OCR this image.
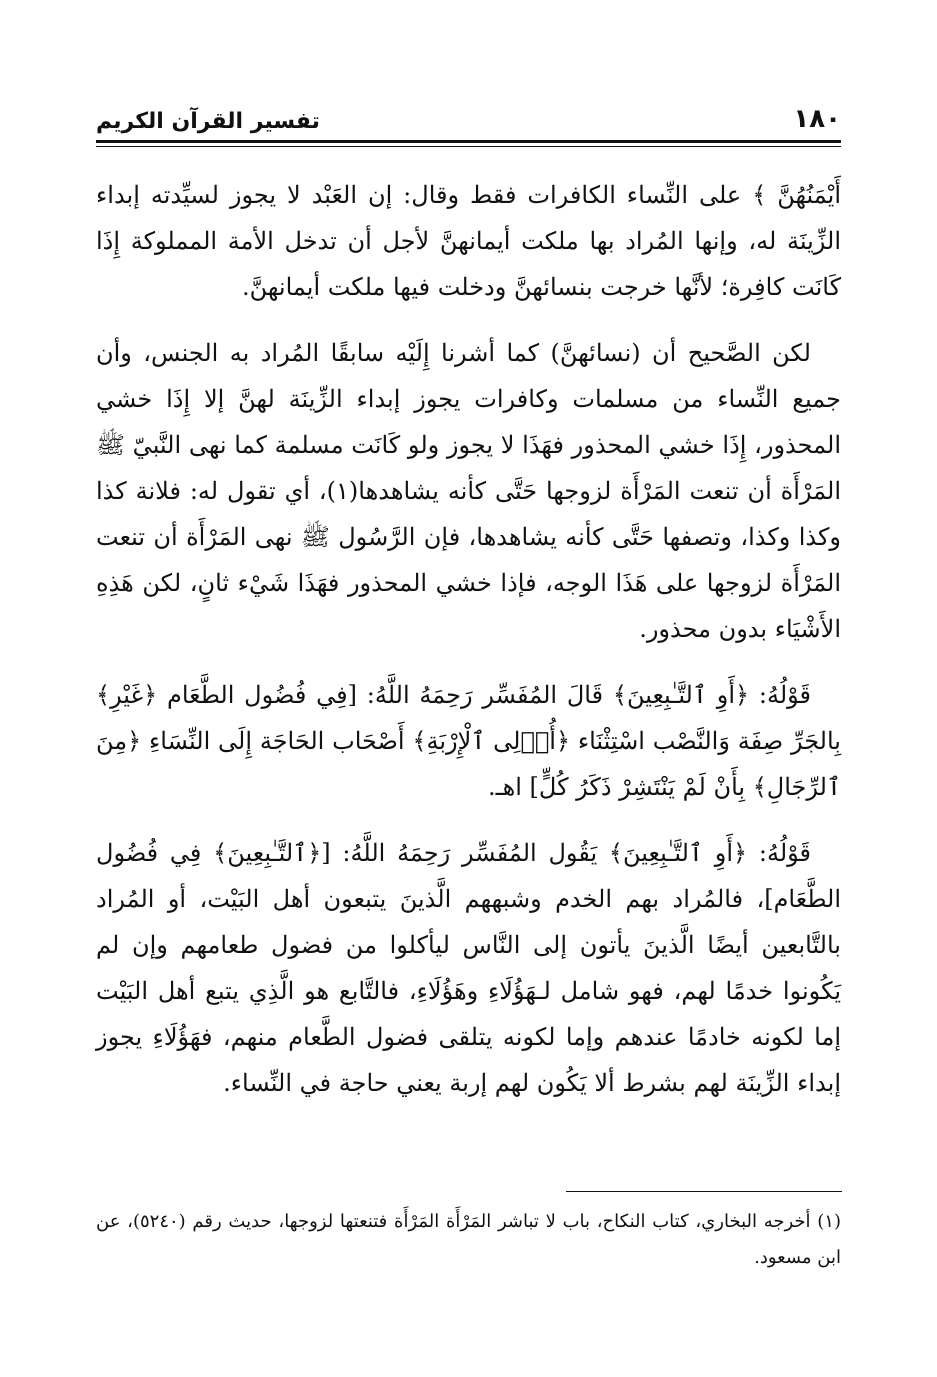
١٨٠
تفسير القرآن الكريم

أَيْمَنُهُنَّ ﴾ على النِّساء الكافرات فقط وقال: إن العَبْد لا يجوز لسيِّدته إبداء الزِّينَة له، وإنها المُراد بها ملكت أيمانهنَّ لأجل أن تدخل الأمة المملوكة إِذَا كَانَت كافِرة؛ لأنَّها خرجت بنسائهنَّ ودخلت فيها ملكت أيمانهنَّ.

لكن الصَّحيح أن (نسائهنَّ) كما أشرنا إِلَيْه سابقًا المُراد به الجنس، وأن جميع النِّساء من مسلمات وكافرات يجوز إبداء الزِّينَة لهنَّ إلا إِذَا خشي المحذور، إِذَا خشي المحذور فهَذَا لا يجوز ولو كَانَت مسلمة كما نهى النَّبيّ ﷺ المَرْأَة أن تنعت المَرْأَة لزوجها حَتَّى كأنه يشاهدها(١)، أي تقول له: فلانة كذا وكذا وكذا، وتصفها حَتَّى كأنه يشاهدها، فإن الرَّسُول ﷺ نهى المَرْأَة أن تنعت المَرْأَة لزوجها على هَذَا الوجه، فإذا خشي المحذور فهَذَا شَيْء ثانٍ، لكن هَذِهِ الأَشْيَاء بدون محذور.

قَوْلُهُ: ﴿أَوِ ٱلتَّـٰبِعِينَ﴾ قَالَ المُفَسِّر رَحِمَهُ اللَّهُ: [فِي فُضُول الطَّعَام ﴿غَيْرِ﴾ بِالجَرِّ صِفَة وَالنَّصْب اسْتِثْنَاء ﴿أُو۟لِى ٱلْإِرْبَةِ﴾ أَصْحَاب الحَاجَة إِلَى النِّسَاءِ ﴿مِنَ ٱلرِّجَالِ﴾ بِأَنْ لَمْ يَنْتَشِرْ ذَكَرُ كُلٍّ] اهـ.

قَوْلُهُ: ﴿أَوِ ٱلتَّـٰبِعِينَ﴾ يَقُول المُفَسِّر رَحِمَهُ اللَّهُ: [﴿ٱلتَّـٰبِعِينَ﴾ فِي فُضُول الطَّعَام]، فالمُراد بهم الخدم وشبههم الَّذينَ يتبعون أهل البَيْت، أو المُراد بالتَّابعين أيضًا الَّذينَ يأتون إلى النَّاس ليأكلوا من فضول طعامهم وإن لم يَكُونوا خدمًا لهم، فهو شامل لـهَؤُلَاءِ وهَؤُلَاءِ، فالتَّابع هو الَّذِي يتبع أهل البَيْت إما لكونه خادمًا عندهم وإما لكونه يتلقى فضول الطَّعام منهم، فهَؤُلَاءِ يجوز إبداء الزِّينَة لهم بشرط ألا يَكُون لهم إربة يعني حاجة في النِّساء.

(١) أخرجه البخاري، كتاب النكاح، باب لا تباشر المَرْأَة المَرْأَة فتنعتها لزوجها، حديث رقم (٥٢٤٠)، عن ابن مسعود.
